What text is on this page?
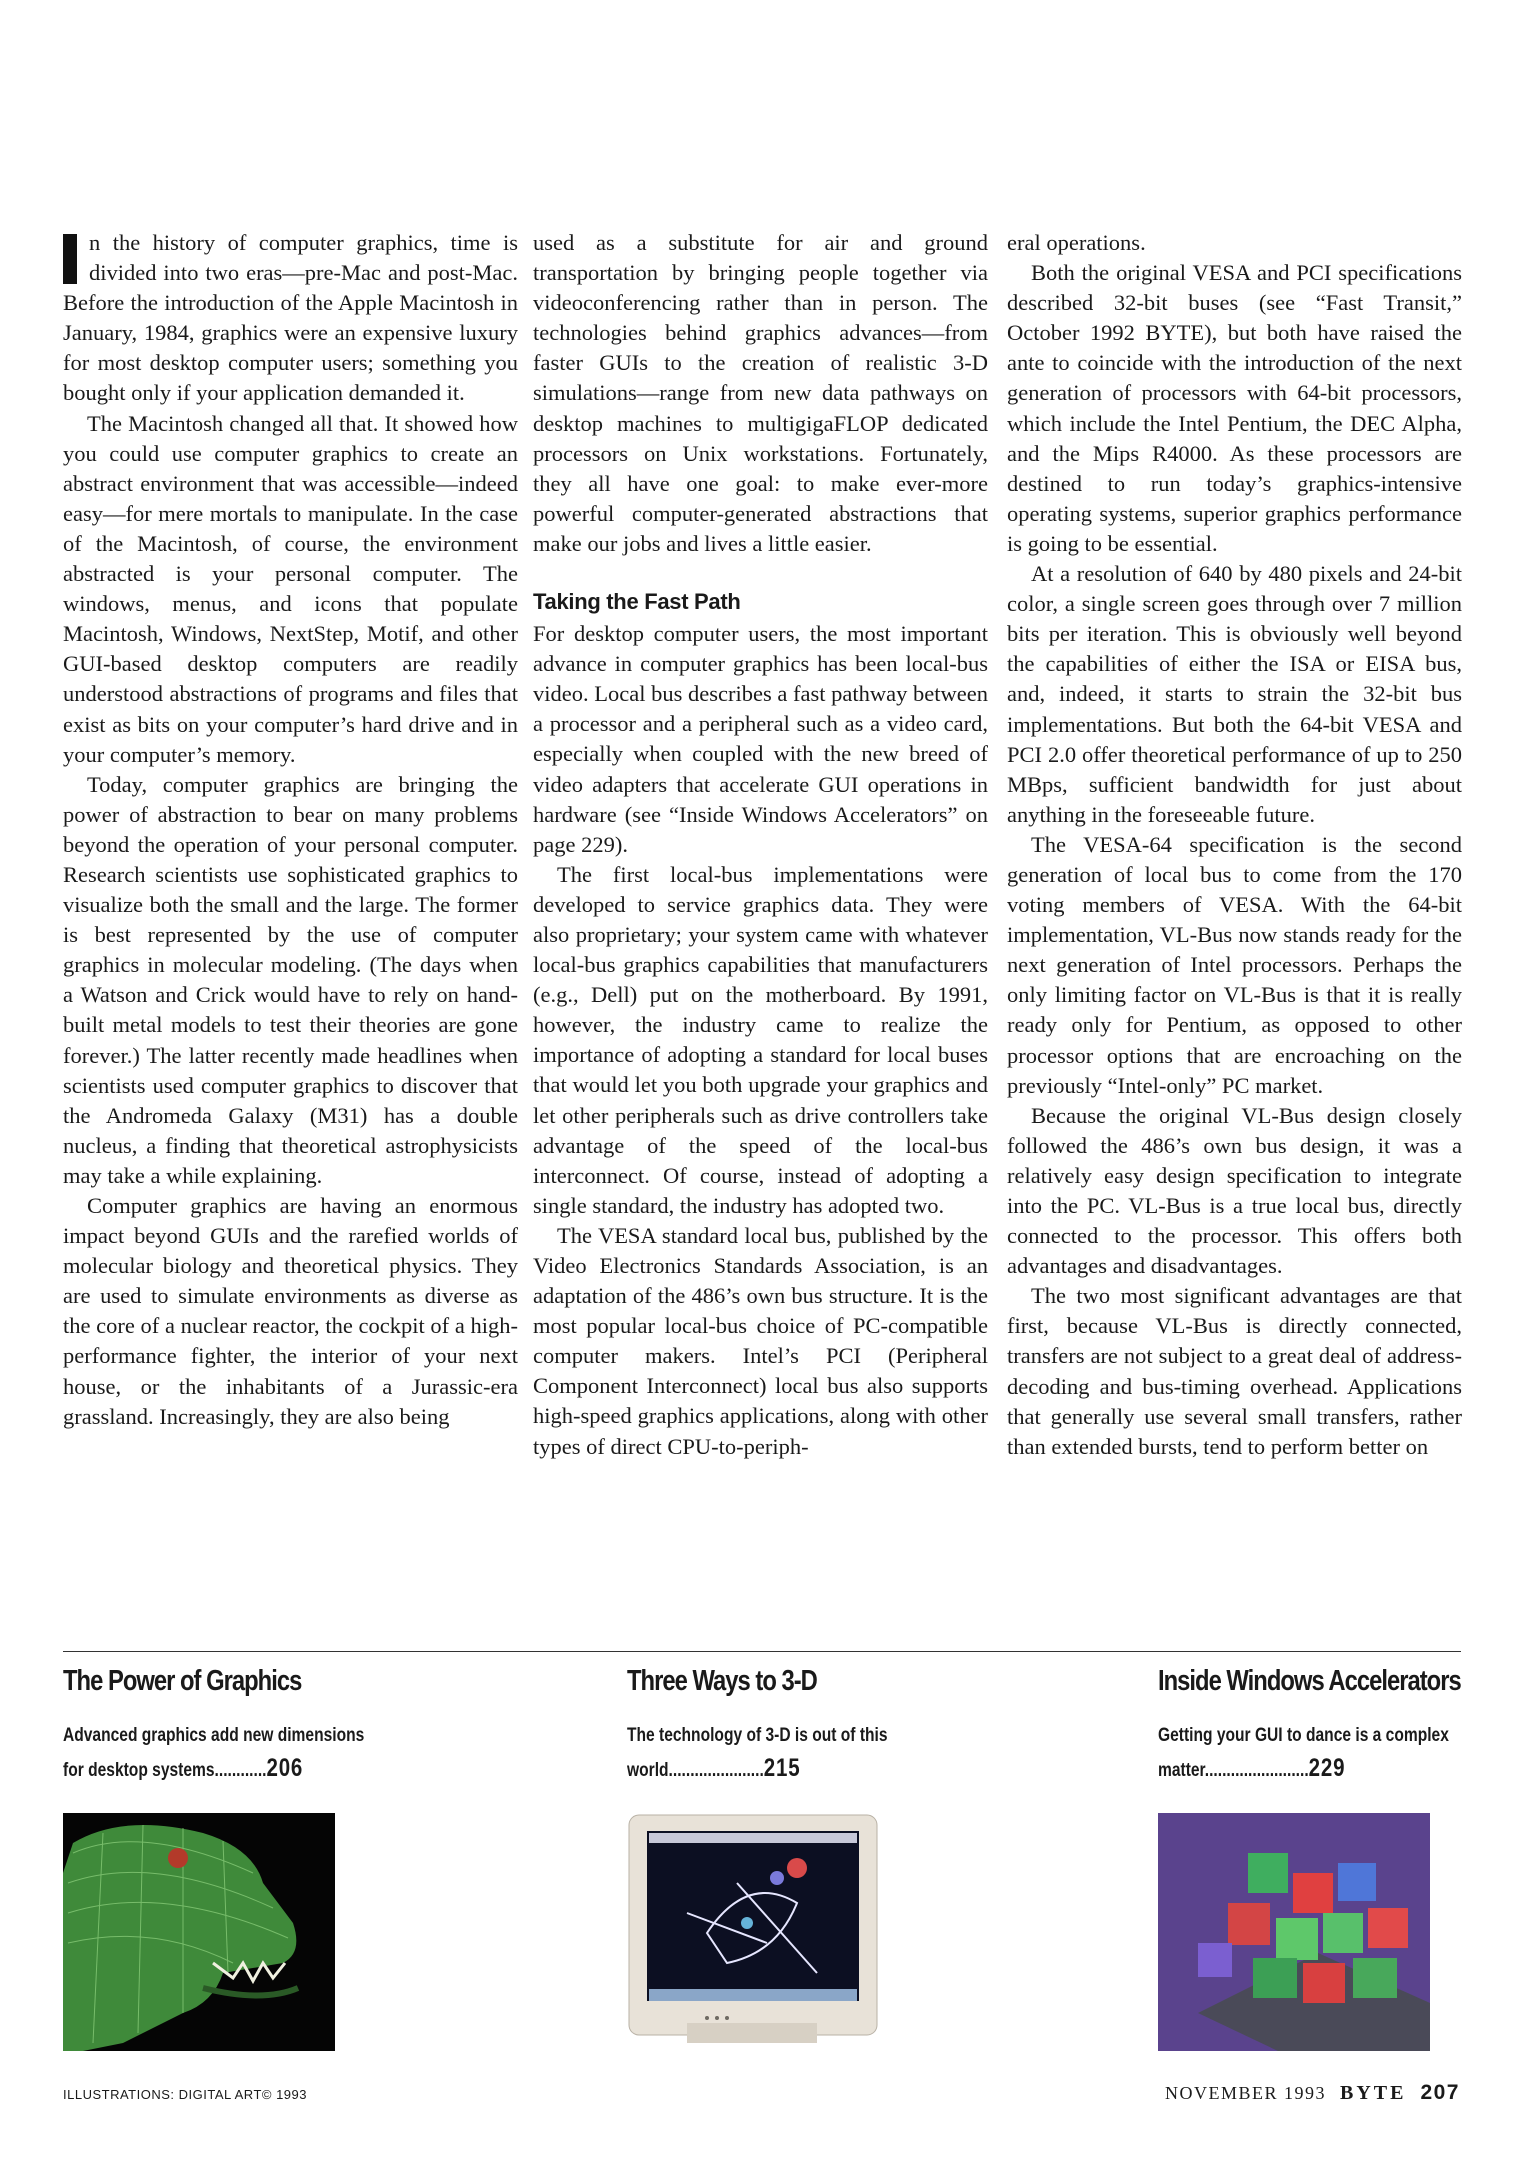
n the history of computer graphics, time is divided into two eras—pre-Mac and post-Mac. Before the introduction of the Apple Macintosh in January, 1984, graphics were an expensive luxury for most desktop computer users; something you bought only if your application demanded it.

The Macintosh changed all that. It showed how you could use computer graphics to create an abstract environment that was accessible—indeed easy—for mere mortals to manipulate. In the case of the Macintosh, of course, the environment abstracted is your personal computer. The windows, menus, and icons that populate Macintosh, Windows, NextStep, Motif, and other GUI-based desktop computers are readily understood abstractions of programs and files that exist as bits on your computer’s hard drive and in your computer’s memory.

Today, computer graphics are bringing the power of abstraction to bear on many problems beyond the operation of your personal computer. Research scientists use sophisticated graphics to visualize both the small and the large. The former is best represented by the use of computer graphics in molecular modeling. (The days when a Watson and Crick would have to rely on hand-built metal models to test their theories are gone forever.) The latter recently made headlines when scientists used computer graphics to discover that the Andromeda Galaxy (M31) has a double nucleus, a finding that theoretical astrophysicists may take a while explaining.

Computer graphics are having an enormous impact beyond GUIs and the rarefied worlds of molecular biology and theoretical physics. They are used to simulate environments as diverse as the core of a nuclear reactor, the cockpit of a high-performance fighter, the interior of your next house, or the inhabitants of a Jurassic-era grassland. Increasingly, they are also being

used as a substitute for air and ground transportation by bringing people together via videoconferencing rather than in person. The technologies behind graphics advances—from faster GUIs to the creation of realistic 3-D simulations—range from new data pathways on desktop machines to multigigaFLOP dedicated processors on Unix workstations. Fortunately, they all have one goal: to make ever-more powerful computer-generated abstractions that make our jobs and lives a little easier.

Taking the Fast Path

For desktop computer users, the most important advance in computer graphics has been local-bus video. Local bus describes a fast pathway between a processor and a peripheral such as a video card, especially when coupled with the new breed of video adapters that accelerate GUI operations in hardware (see “Inside Windows Accelerators” on page 229).

The first local-bus implementations were developed to service graphics data. They were also proprietary; your system came with whatever local-bus graphics capabilities that manufacturers (e.g., Dell) put on the motherboard. By 1991, however, the industry came to realize the importance of adopting a standard for local buses that would let you both upgrade your graphics and let other peripherals such as drive controllers take advantage of the speed of the local-bus interconnect. Of course, instead of adopting a single standard, the industry has adopted two.

The VESA standard local bus, published by the Video Electronics Standards Association, is an adaptation of the 486’s own bus structure. It is the most popular local-bus choice of PC-compatible computer makers. Intel’s PCI (Peripheral Component Interconnect) local bus also supports high-speed graphics applications, along with other types of direct CPU-to-periph-

eral operations.

Both the original VESA and PCI specifications described 32-bit buses (see “Fast Transit,” October 1992 BYTE), but both have raised the ante to coincide with the introduction of the next generation of processors with 64-bit processors, which include the Intel Pentium, the DEC Alpha, and the Mips R4000. As these processors are destined to run today’s graphics-intensive operating systems, superior graphics performance is going to be essential.

At a resolution of 640 by 480 pixels and 24-bit color, a single screen goes through over 7 million bits per iteration. This is obviously well beyond the capabilities of either the ISA or EISA bus, and, indeed, it starts to strain the 32-bit bus implementations. But both the 64-bit VESA and PCI 2.0 offer theoretical performance of up to 250 MBps, sufficient bandwidth for just about anything in the foreseeable future.

The VESA-64 specification is the second generation of local bus to come from the 170 voting members of VESA. With the 64-bit implementation, VL-Bus now stands ready for the next generation of Intel processors. Perhaps the only limiting factor on VL-Bus is that it is really ready only for Pentium, as opposed to other processor options that are encroaching on the previously “Intel-only” PC market.

Because the original VL-Bus design closely followed the 486’s own bus design, it was a relatively easy design specification to integrate into the PC. VL-Bus is a true local bus, directly connected to the processor. This offers both advantages and disadvantages.

The two most significant advantages are that first, because VL-Bus is directly connected, transfers are not subject to a great deal of address-decoding and bus-timing overhead. Applications that generally use several small transfers, rather than extended bursts, tend to perform better on

The Power of Graphics
Advanced graphics add new dimensions for desktop systems............206
Three Ways to 3-D
The technology of 3-D is out of this world......................215
Inside Windows Accelerators
Getting your GUI to dance is a complex matter........................229
ILLUSTRATIONS: DIGITAL ART© 1993	NOVEMBER 1993 BYTE 207
